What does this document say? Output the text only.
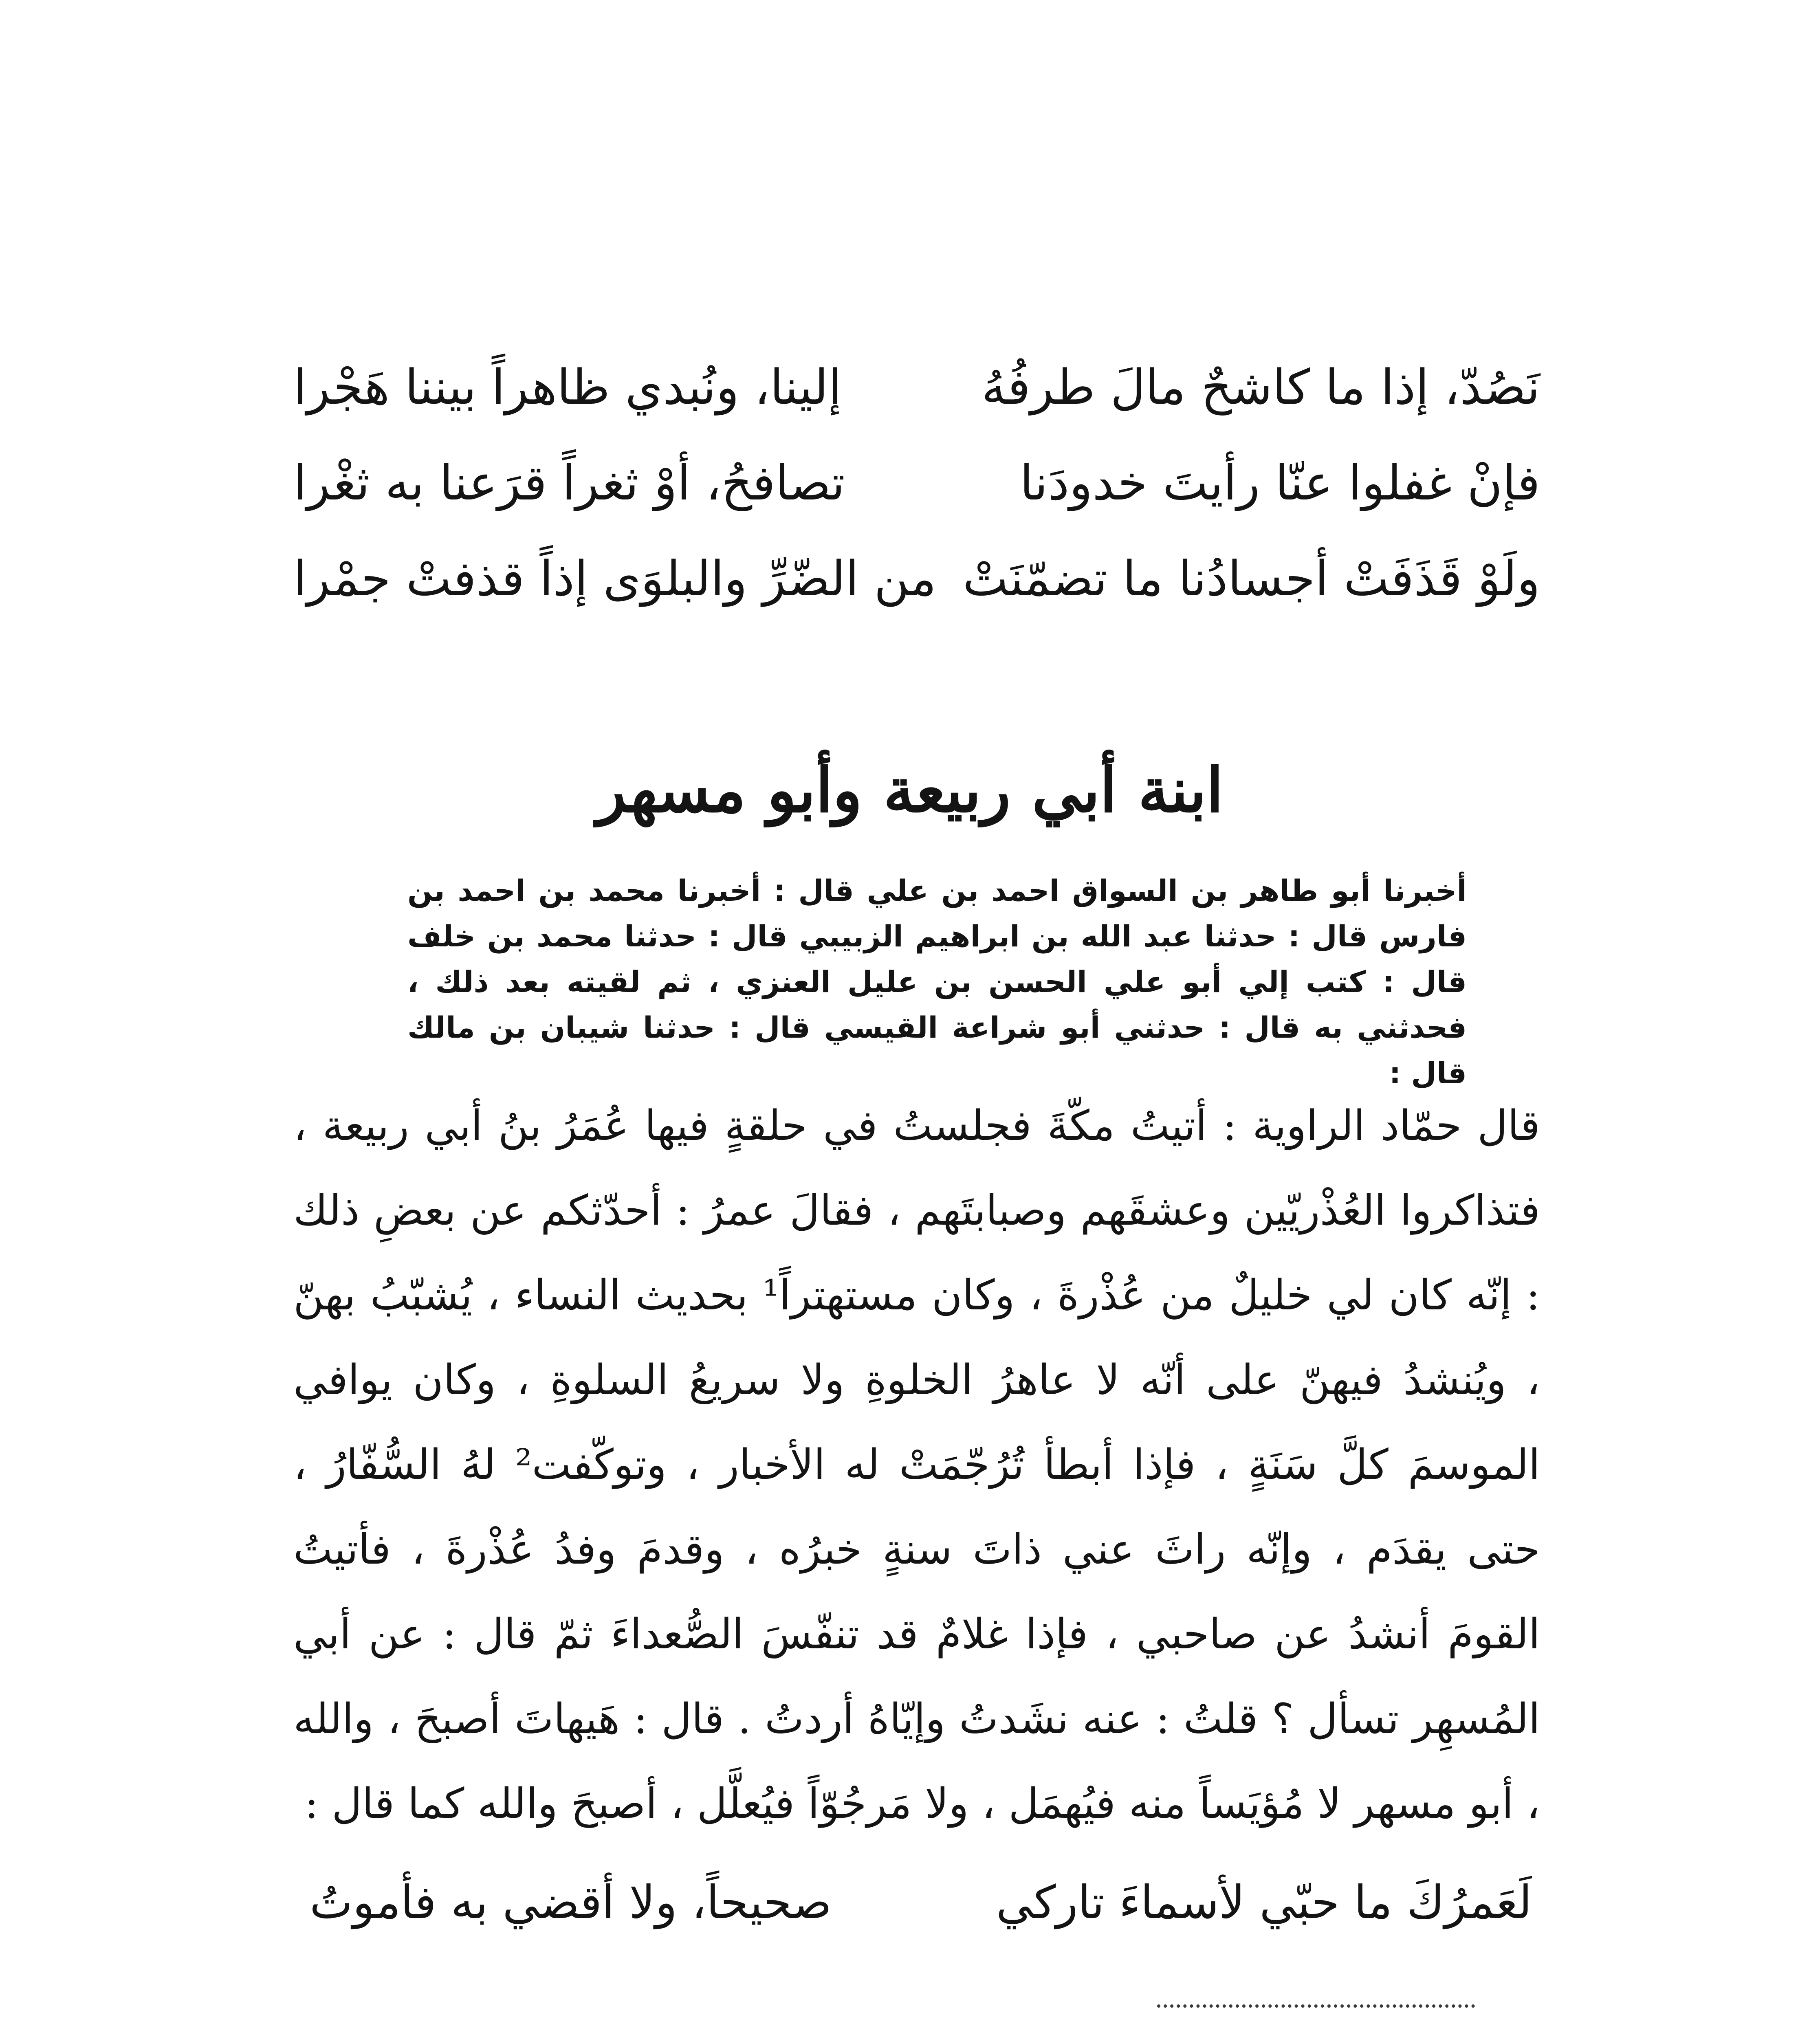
نَصُدّ، إذا ما كاشحٌ مالَ طرفُهُ
إلينا، ونُبدي ظاهراً بيننا هَجْرا
فإنْ غفلوا عنّا رأيتَ خدودَنا
تصافحُ، أوْ ثغراً قرَعنا به ثغْرا
ولَوْ قَذَفَتْ أجسادُنا ما تضمّنَتْ
من الضّرِّ والبلوَى إذاً قذفتْ جمْرا
ابنة أبي ربيعة وأبو مسهر
أخبرنا أبو طاهر بن السواق احمد بن علي قال : أخبرنا محمد بن احمد بن فارس قال : حدثنا عبد الله بن ابراهيم الزبيبي قال : حدثنا محمد بن خلف قال : كتب إلي أبو علي الحسن بن عليل العنزي ، ثم لقيته بعد ذلك ، فحدثني به قال : حدثني أبو شراعة القيسي قال : حدثنا شيبان بن مالك قال :
قال حمّاد الراوية : أتيتُ مكّةَ فجلستُ في حلقةٍ فيها عُمَرُ بنُ أبي ربيعة ، فتذاكروا العُذْريّين وعشقَهم وصبابتَهم ، فقالَ عمرُ : أحدّثكم عن بعضِ ذلك : إنّه كان لي خليلٌ من عُذْرةَ ، وكان مستهتراً¹ بحديث النساء ، يُشبّبُ بهنّ ، ويُنشدُ فيهنّ على أنّه لا عاهرُ الخلوةِ ولا سريعُ السلوةِ ، وكان يوافي الموسمَ كلَّ سَنَةٍ ، فإذا أبطأ تُرُجّمَتْ له الأخبار ، وتوكّفت² لهُ السُّفّارُ ، حتى يقدَم ، وإنّه راثَ عني ذاتَ سنةٍ خبرُه ، وقدمَ وفدُ عُذْرةَ ، فأتيتُ القومَ أنشدُ عن صاحبي ، فإذا غلامٌ قد تنفّسَ الصُّعداءَ ثمّ قال : عن أبي المُسهِر تسأل ؟ قلتُ : عنه نشَدتُ وإيّاهُ أردتُ . قال : هَيهاتَ أصبحَ ، والله ، أبو مسهر لا مُؤيَساً منه فيُهمَل ، ولا مَرجُوّاً فيُعلَّل ، أصبحَ والله كما قال :
لَعَمرُكَ ما حبّي لأسماءَ تاركي
صحيحاً، ولا أقضي به فأموتُ
